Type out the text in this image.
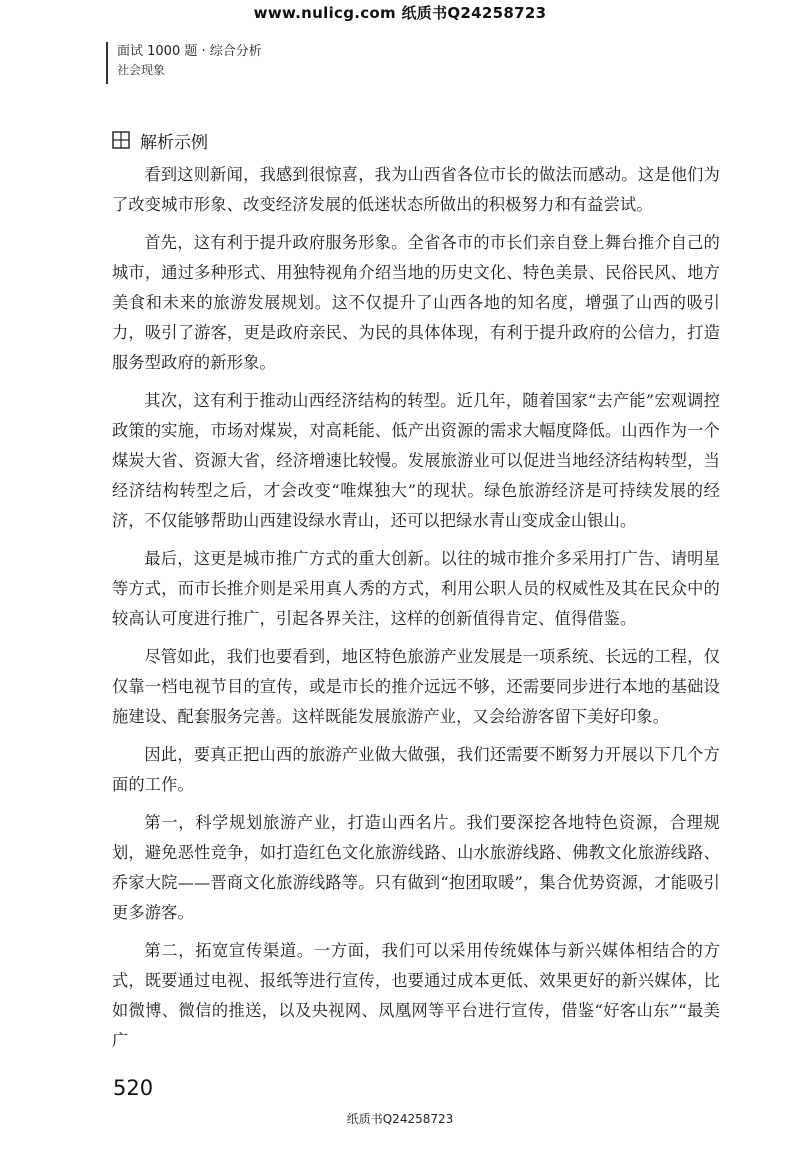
www.nulicg.com 纸质书Q24258723
面试 1000 题 · 综合分析
社会现象
解析示例

看到这则新闻，我感到很惊喜，我为山西省各位市长的做法而感动。这是他们为了改变城市形象、改变经济发展的低迷状态所做出的积极努力和有益尝试。

首先，这有利于提升政府服务形象。全省各市的市长们亲自登上舞台推介自己的城市，通过多种形式、用独特视角介绍当地的历史文化、特色美景、民俗民风、地方美食和未来的旅游发展规划。这不仅提升了山西各地的知名度，增强了山西的吸引力，吸引了游客，更是政府亲民、为民的具体体现，有利于提升政府的公信力，打造服务型政府的新形象。

其次，这有利于推动山西经济结构的转型。近几年，随着国家“去产能”宏观调控政策的实施，市场对煤炭，对高耗能、低产出资源的需求大幅度降低。山西作为一个煤炭大省、资源大省，经济增速比较慢。发展旅游业可以促进当地经济结构转型，当经济结构转型之后，才会改变“唯煤独大”的现状。绿色旅游经济是可持续发展的经济，不仅能够帮助山西建设绿水青山，还可以把绿水青山变成金山银山。

最后，这更是城市推广方式的重大创新。以往的城市推介多采用打广告、请明星等方式，而市长推介则是采用真人秀的方式，利用公职人员的权威性及其在民众中的较高认可度进行推广，引起各界关注，这样的创新值得肯定、值得借鉴。

尽管如此，我们也要看到，地区特色旅游产业发展是一项系统、长远的工程，仅仅靠一档电视节目的宣传，或是市长的推介远远不够，还需要同步进行本地的基础设施建设、配套服务完善。这样既能发展旅游产业，又会给游客留下美好印象。

因此，要真正把山西的旅游产业做大做强，我们还需要不断努力开展以下几个方面的工作。

第一，科学规划旅游产业，打造山西名片。我们要深挖各地特色资源，合理规划，避免恶性竞争，如打造红色文化旅游线路、山水旅游线路、佛教文化旅游线路、乔家大院——晋商文化旅游线路等。只有做到“抱团取暖”，集合优势资源，才能吸引更多游客。

第二，拓宽宣传渠道。一方面，我们可以采用传统媒体与新兴媒体相结合的方式，既要通过电视、报纸等进行宣传，也要通过成本更低、效果更好的新兴媒体，比如微博、微信的推送，以及央视网、凤凰网等平台进行宣传，借鉴“好客山东”“最美广

520
纸质书Q24258723
